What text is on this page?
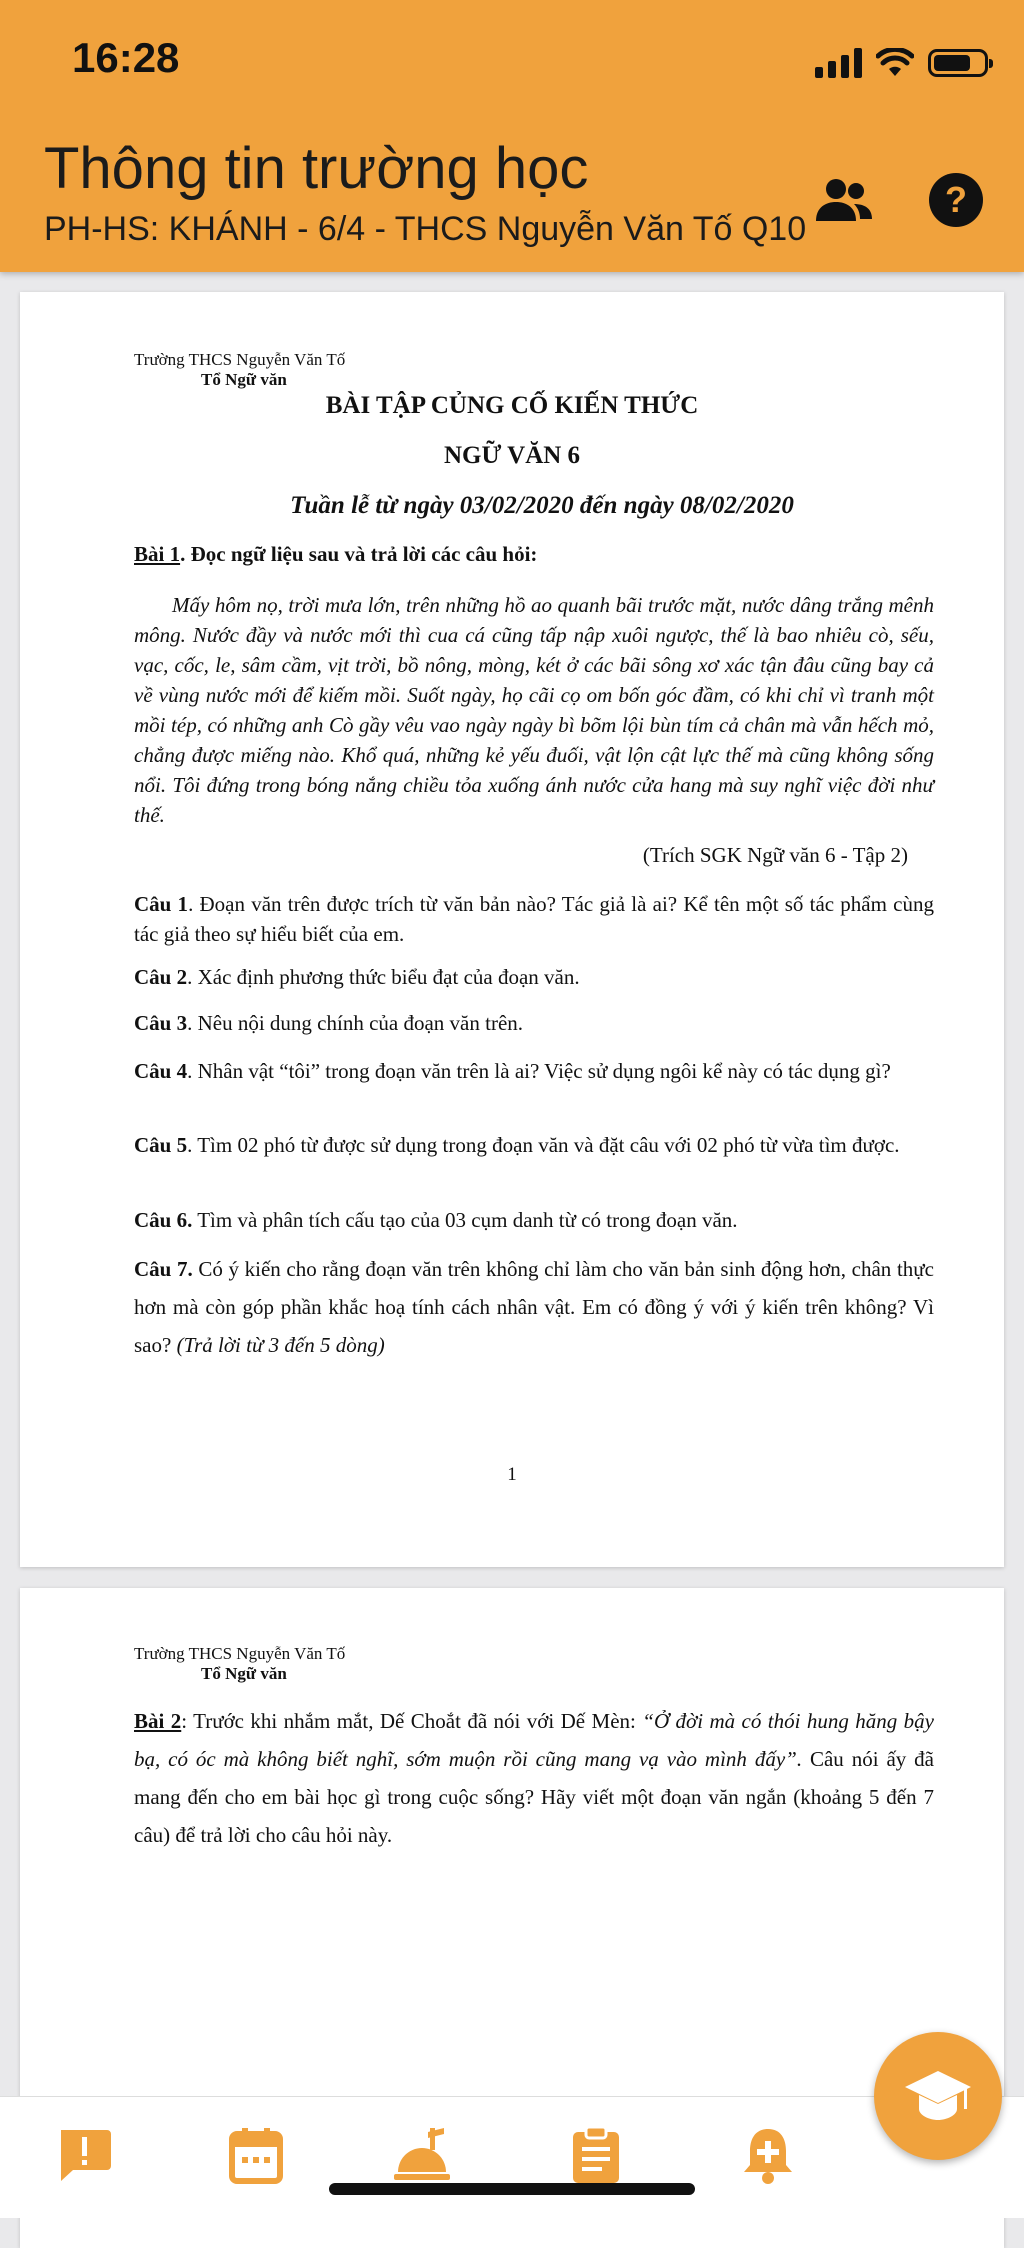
16:28
Thông tin trường học
PH-HS: KHÁNH - 6/4 - THCS Nguyễn Văn Tố Q10
?
Trường THCS Nguyễn Văn Tố
Tổ Ngữ văn
BÀI TẬP CỦNG CỐ KIẾN THỨC
NGỮ VĂN 6
Tuần lễ từ ngày 03/02/2020 đến ngày 08/02/2020

Bài 1. Đọc ngữ liệu sau và trả lời các câu hỏi:

Mấy hôm nọ, trời mưa lớn, trên những hồ ao quanh bãi trước mặt, nước dâng trắng mênh mông. Nước đầy và nước mới thì cua cá cũng tấp nập xuôi ngược, thế là bao nhiêu cò, sếu, vạc, cốc, le, sâm cầm, vịt trời, bồ nông, mòng, két ở các bãi sông xơ xác tận đâu cũng bay cả về vùng nước mới để kiếm mồi. Suốt ngày, họ cãi cọ om bốn góc đầm, có khi chỉ vì tranh một mồi tép, có những anh Cò gầy vêu vao ngày ngày bì bõm lội bùn tím cả chân mà vẫn hếch mỏ, chẳng được miếng nào. Khổ quá, những kẻ yếu đuối, vật lộn cật lực thế mà cũng không sống nổi. Tôi đứng trong bóng nắng chiều tỏa xuống ánh nước cửa hang mà suy nghĩ việc đời như thế.

(Trích SGK Ngữ văn 6 - Tập 2)

Câu 1. Đoạn văn trên được trích từ văn bản nào? Tác giả là ai? Kể tên một số tác phẩm cùng tác giả theo sự hiểu biết của em.

Câu 2. Xác định phương thức biểu đạt của đoạn văn.

Câu 3. Nêu nội dung chính của đoạn văn trên.

Câu 4. Nhân vật “tôi” trong đoạn văn trên là ai? Việc sử dụng ngôi kể này có tác dụng gì?

Câu 5. Tìm 02 phó từ được sử dụng trong đoạn văn và đặt câu với 02 phó từ vừa tìm được.

Câu 6. Tìm và phân tích cấu tạo của 03 cụm danh từ có trong đoạn văn.

Câu 7. Có ý kiến cho rằng đoạn văn trên không chỉ làm cho văn bản sinh động hơn, chân thực hơn mà còn góp phần khắc hoạ tính cách nhân vật. Em có đồng ý với ý kiến trên không? Vì sao? (Trả lời từ 3 đến 5 dòng)

1
Trường THCS Nguyễn Văn Tố
Tổ Ngữ văn

Bài 2: Trước khi nhắm mắt, Dế Choắt đã nói với Dế Mèn: “Ở đời mà có thói hung hăng bậy bạ, có óc mà không biết nghĩ, sớm muộn rồi cũng mang vạ vào mình đấy”. Câu nói ấy đã mang đến cho em bài học gì trong cuộc sống? Hãy viết một đoạn văn ngắn (khoảng 5 đến 7 câu) để trả lời cho câu hỏi này.
